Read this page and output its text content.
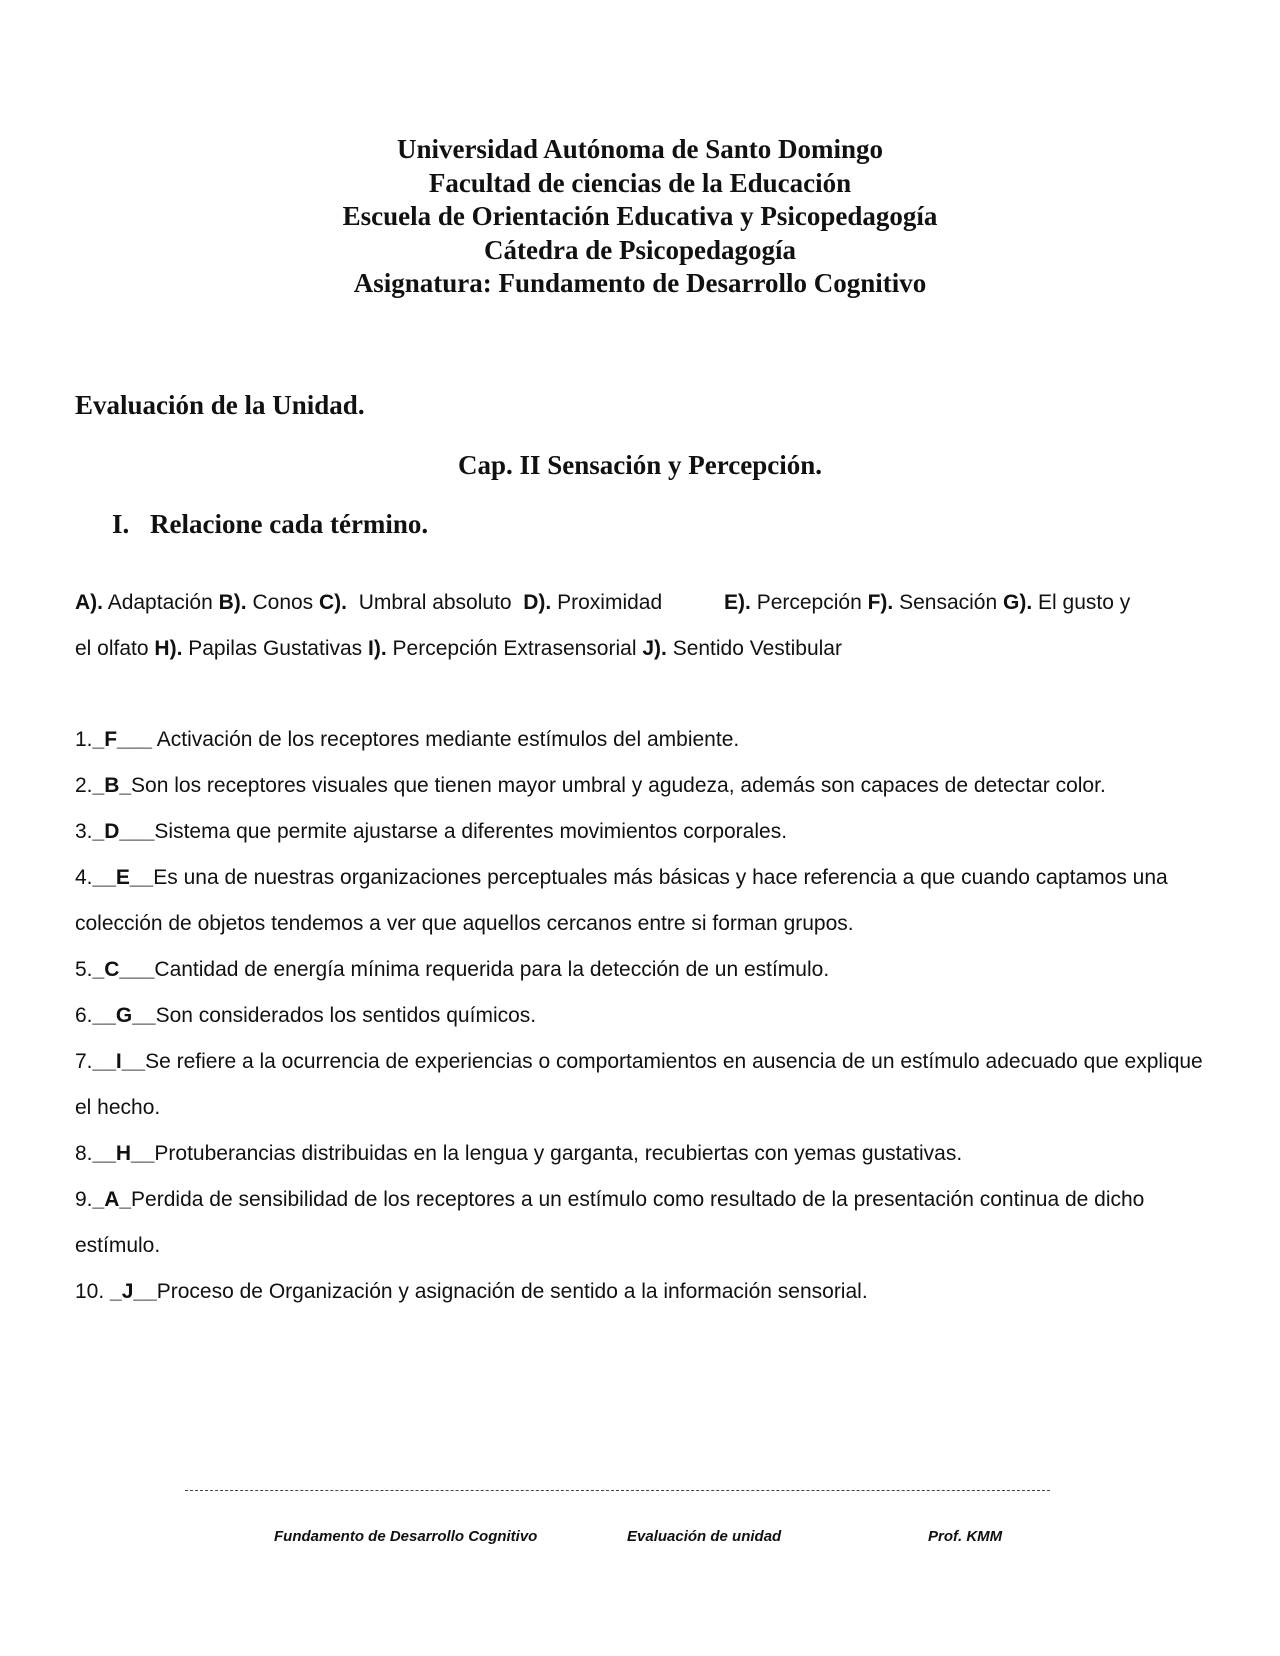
Universidad Autónoma de Santo Domingo
Facultad de ciencias de la Educación
Escuela de Orientación Educativa y Psicopedagogía
Cátedra de Psicopedagogía
Asignatura: Fundamento de Desarrollo Cognitivo
Evaluación de la Unidad.
Cap. II Sensación y Percepción.
I. Relacione cada término.
A). Adaptación B). Conos C). Umbral absoluto D). Proximidad	E). Percepción F). Sensación G). El gusto y
el olfato H). Papilas Gustativas I). Percepción Extrasensorial J). Sentido Vestibular

1._F___ Activación de los receptores mediante estímulos del ambiente.

2._B_Son los receptores visuales que tienen mayor umbral y agudeza, además son capaces de detectar color.

3._D___Sistema que permite ajustarse a diferentes movimientos corporales.

4.__E__Es una de nuestras organizaciones perceptuales más básicas y hace referencia a que cuando captamos una colección de objetos tendemos a ver que aquellos cercanos entre si forman grupos.

5._C___Cantidad de energía mínima requerida para la detección de un estímulo.

6.__G__Son considerados los sentidos químicos.

7.__I__Se refiere a la ocurrencia de experiencias o comportamientos en ausencia de un estímulo adecuado que explique el hecho.

8.__H__Protuberancias distribuidas en la lengua y garganta, recubiertas con yemas gustativas.

9._A_Perdida de sensibilidad de los receptores a un estímulo como resultado de la presentación continua de dicho estímulo.

10. _J__Proceso de Organización y asignación de sentido a la información sensorial.

Fundamento de Desarrollo Cognitivo	Evaluación de unidad	Prof. KMM
